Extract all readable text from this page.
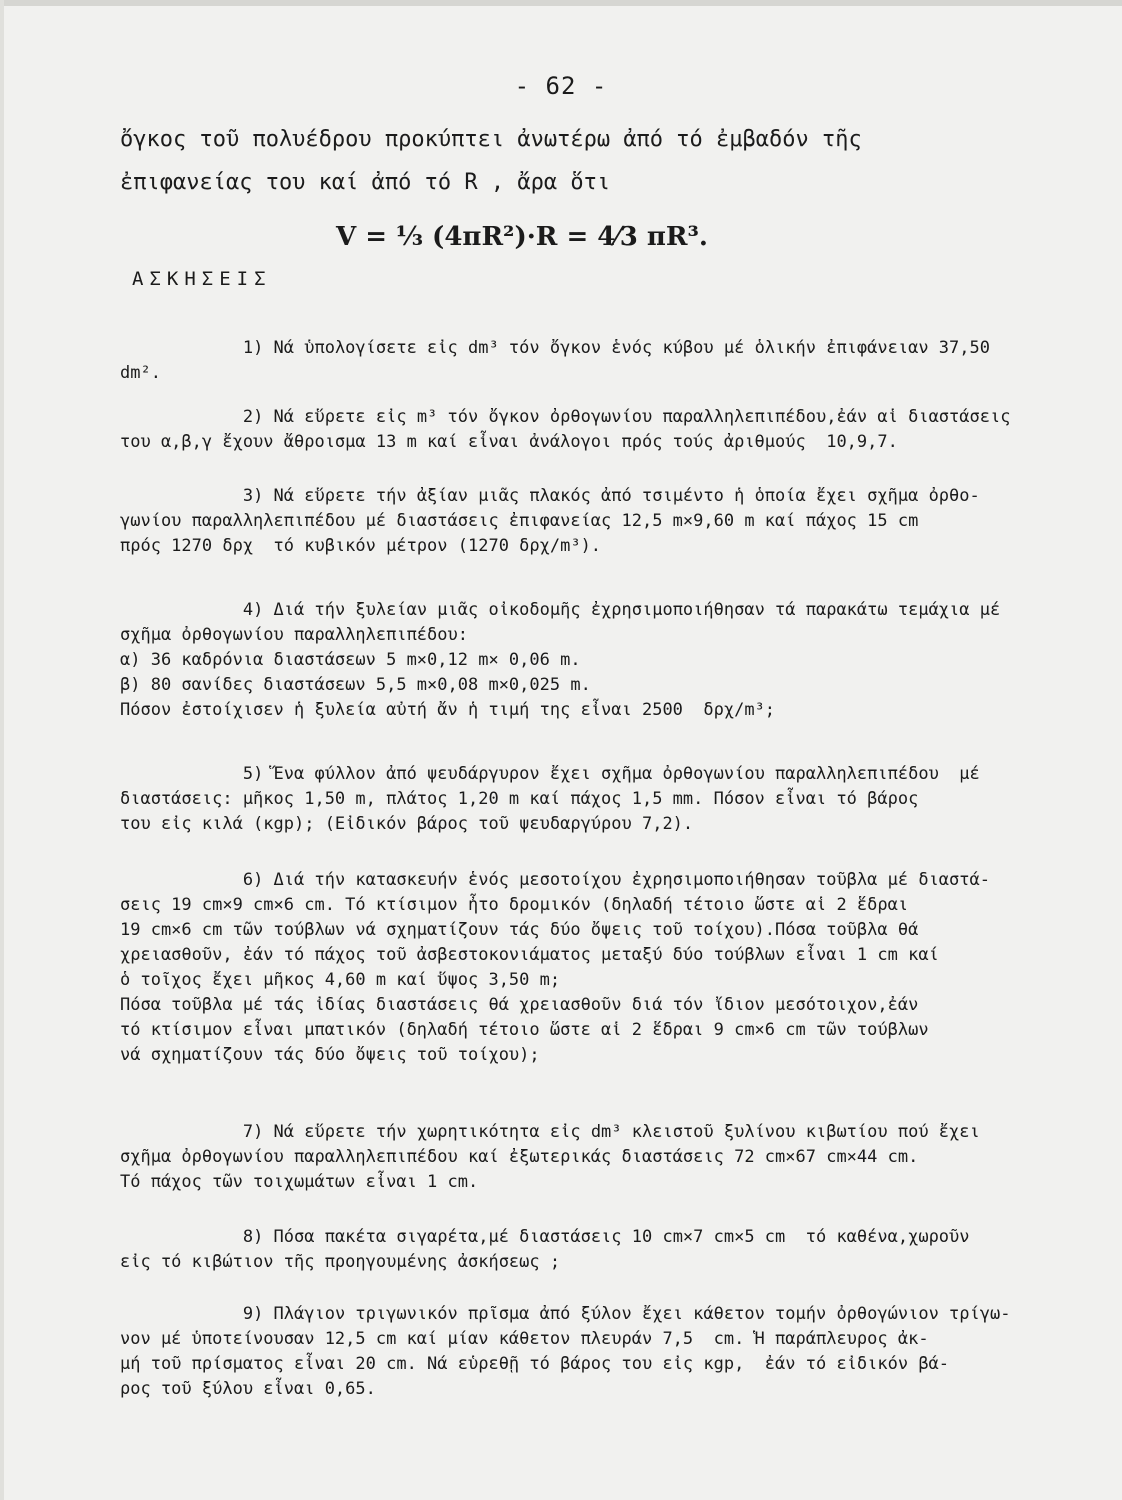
- 62 -

ὄγκος τοῦ πολυέδρου προκύπτει ἀνωτέρω ἀπό τό ἐμβαδόν τῆς ἐπιφανείας του καί ἀπό τό R , ἄρα ὅτι

V = ⅓ (4πR²)·R = 4⁄3 πR³.
ΑΣΚΗΣΕΙΣ

1) Νά ὑπολογίσετε εἰς dm³ τόν ὄγκον ἑνός κύβου μέ ὁλικήν ἐπιφάνειαν 37,50
dm².

2) Νά εὕρετε εἰς m³ τόν ὄγκον ὀρθογωνίου παραλληλεπιπέδου,ἐάν αἱ διαστάσεις
του α,β,γ ἔχουν ἄθροισμα 13 m καί εἶναι ἀνάλογοι πρός τούς ἀριθμούς  10,9,7.

3) Νά εὕρετε τήν ἀξίαν μιᾶς πλακός ἀπό τσιμέντο ἡ ὁποία ἔχει σχῆμα ὀρθο-
γωνίου παραλληλεπιπέδου μέ διαστάσεις ἐπιφανείας 12,5 m×9,60 m καί πάχος 15 cm
πρός 1270 δρχ  τό κυβικόν μέτρον (1270 δρχ/m³).

4) Διά τήν ξυλείαν μιᾶς οἰκοδομῆς ἐχρησιμοποιήθησαν τά παρακάτω τεμάχια μέ
σχῆμα ὀρθογωνίου παραλληλεπιπέδου:
α) 36 καδρόνια διαστάσεων 5 m×0,12 m× 0,06 m.
β) 80 σανίδες διαστάσεων 5,5 m×0,08 m×0,025 m.
Πόσον ἐστοίχισεν ἡ ξυλεία αὐτή ἄν ἡ τιμή της εἶναι 2500  δρχ/m³;

5) Ἕνα φύλλον ἀπό ψευδάργυρον ἔχει σχῆμα ὀρθογωνίου παραλληλεπιπέδου  μέ
διαστάσεις: μῆκος 1,50 m, πλάτος 1,20 m καί πάχος 1,5 mm. Πόσον εἶναι τό βάρος
του εἰς κιλά (κgp); (Εἰδικόν βάρος τοῦ ψευδαργύρου 7,2).

6) Διά τήν κατασκευήν ἑνός μεσοτοίχου ἐχρησιμοποιήθησαν τοῦβλα μέ διαστά-
σεις 19 cm×9 cm×6 cm. Τό κτίσιμον ἦτο δρομικόν (δηλαδή τέτοιο ὥστε αἱ 2 ἕδραι
19 cm×6 cm τῶν τούβλων νά σχηματίζουν τάς δύο ὄψεις τοῦ τοίχου).Πόσα τοῦβλα θά
χρειασθοῦν, ἐάν τό πάχος τοῦ ἀσβεστοκονιάματος μεταξύ δύο τούβλων εἶναι 1 cm καί
ὁ τοῖχος ἔχει μῆκος 4,60 m καί ὕψος 3,50 m;
Πόσα τοῦβλα μέ τάς ἰδίας διαστάσεις θά χρειασθοῦν διά τόν ἴδιον μεσότοιχον,ἐάν
τό κτίσιμον εἶναι μπατικόν (δηλαδή τέτοιο ὥστε αἱ 2 ἕδραι 9 cm×6 cm τῶν τούβλων
νά σχηματίζουν τάς δύο ὄψεις τοῦ τοίχου);

7) Νά εὕρετε τήν χωρητικότητα εἰς dm³ κλειστοῦ ξυλίνου κιβωτίου πού ἔχει
σχῆμα ὀρθογωνίου παραλληλεπιπέδου καί ἐξωτερικάς διαστάσεις 72 cm×67 cm×44 cm.
Τό πάχος τῶν τοιχωμάτων εἶναι 1 cm.

8) Πόσα πακέτα σιγαρέτα,μέ διαστάσεις 10 cm×7 cm×5 cm  τό καθένα,χωροῦν
εἰς τό κιβώτιον τῆς προηγουμένης ἀσκήσεως ;

9) Πλάγιον τριγωνικόν πρῖσμα ἀπό ξύλον ἔχει κάθετον τομήν ὀρθογώνιον τρίγω-
νον μέ ὑποτείνουσαν 12,5 cm καί μίαν κάθετον πλευράν 7,5  cm. Ἡ παράπλευρος ἀκ-
μή τοῦ πρίσματος εἶναι 20 cm. Νά εὑρεθῇ τό βάρος του εἰς κgp,  ἐάν τό εἰδικόν βά-
ρος τοῦ ξύλου εἶναι 0,65.
